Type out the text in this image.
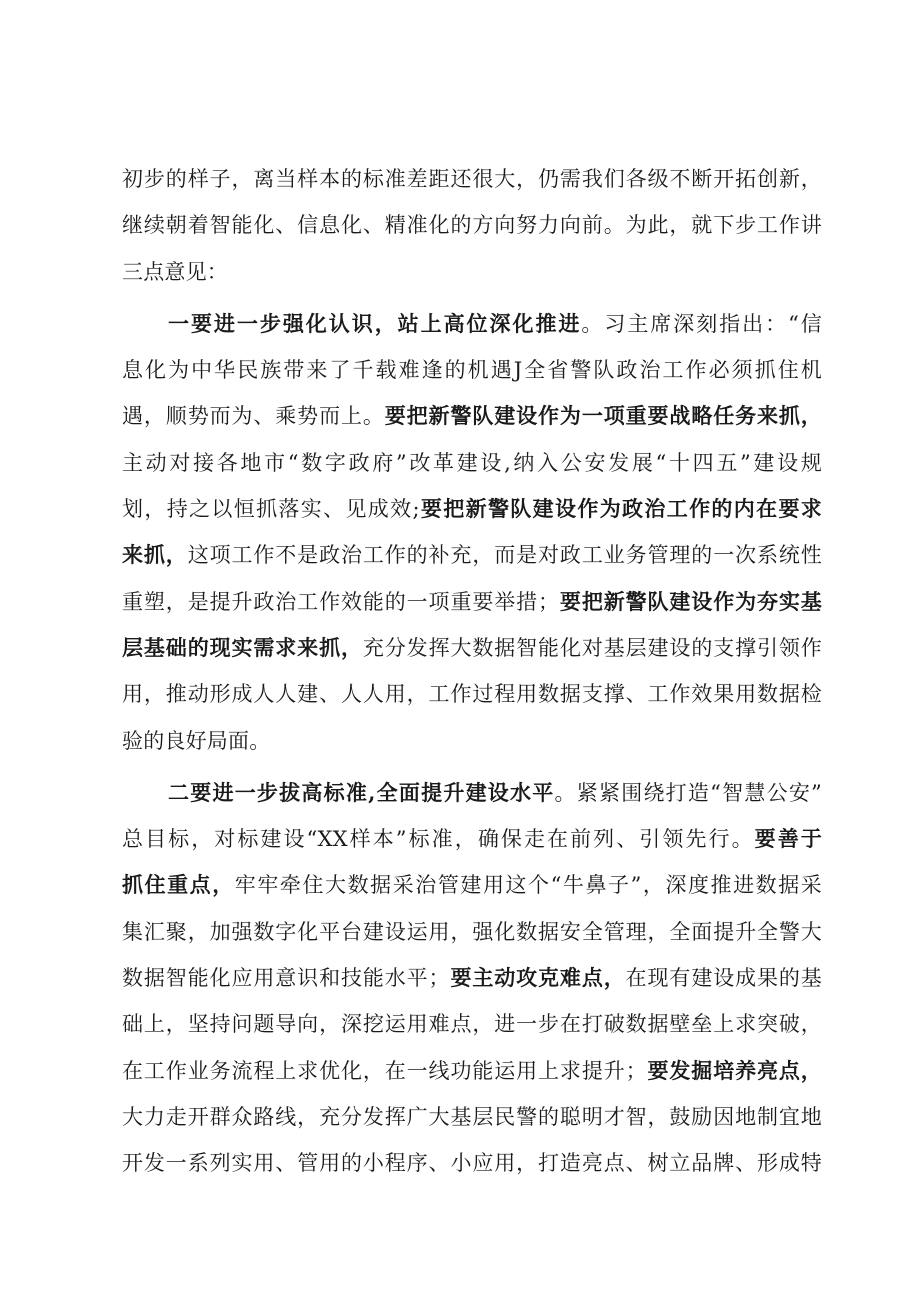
初步的样子，离当样本的标准差距还很大，仍需我们各级不断开拓创新，
继续朝着智能化、信息化、精准化的方向努力向前。为此，就下步工作讲
三点意见：
一要进一步强化认识，站上高位深化推进。习主席深刻指出：“信
息化为中华民族带来了千载难逢的机遇J全省警队政治工作必须抓住机
遇，顺势而为、乘势而上。要把新警队建设作为一项重要战略任务来抓，
主动对接各地市“数字政府”改革建设,纳入公安发展“十四五”建设规
划，持之以恒抓落实、见成效;要把新警队建设作为政治工作的内在要求
来抓，这项工作不是政治工作的补充，而是对政工业务管理的一次系统性
重塑，是提升政治工作效能的一项重要举措；要把新警队建设作为夯实基
层基础的现实需求来抓，充分发挥大数据智能化对基层建设的支撑引领作
用，推动形成人人建、人人用，工作过程用数据支撑、工作效果用数据检
验的良好局面。
二要进一步拔高标准,全面提升建设水平。紧紧围绕打造“智慧公安”
总目标，对标建设“XX样本”标准，确保走在前列、引领先行。要善于
抓住重点，牢牢牵住大数据采治管建用这个“牛鼻子”，深度推进数据采
集汇聚，加强数字化平台建设运用，强化数据安全管理，全面提升全警大
数据智能化应用意识和技能水平；要主动攻克难点，在现有建设成果的基
础上，坚持问题导向，深挖运用难点，进一步在打破数据壁垒上求突破，
在工作业务流程上求优化，在一线功能运用上求提升；要发掘培养亮点，
大力走开群众路线，充分发挥广大基层民警的聪明才智，鼓励因地制宜地
开发一系列实用、管用的小程序、小应用，打造亮点、树立品牌、形成特
